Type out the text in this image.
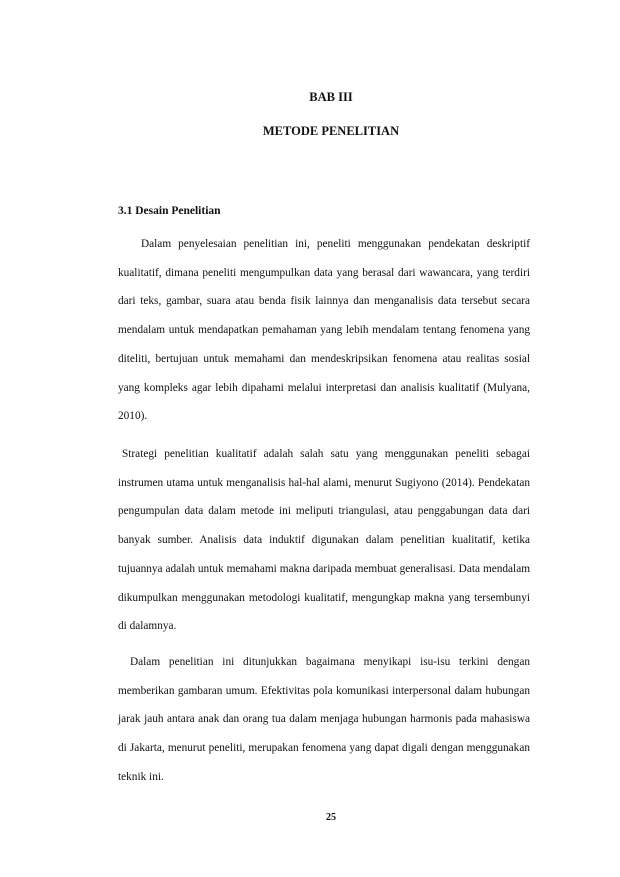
BAB III
METODE PENELITIAN
3.1 Desain Penelitian

Dalam penyelesaian penelitian ini, peneliti menggunakan pendekatan deskriptif kualitatif, dimana peneliti mengumpulkan data yang berasal dari wawancara, yang terdiri dari teks, gambar, suara atau benda fisik lainnya dan menganalisis data tersebut secara mendalam untuk mendapatkan pemahaman yang lebih mendalam tentang fenomena yang diteliti, bertujuan untuk memahami dan mendeskripsikan fenomena atau realitas sosial yang kompleks agar lebih dipahami melalui interpretasi dan analisis kualitatif (Mulyana, 2010).

Strategi penelitian kualitatif adalah salah satu yang menggunakan peneliti sebagai instrumen utama untuk menganalisis hal-hal alami, menurut Sugiyono (2014). Pendekatan pengumpulan data dalam metode ini meliputi triangulasi, atau penggabungan data dari banyak sumber. Analisis data induktif digunakan dalam penelitian kualitatif, ketika tujuannya adalah untuk memahami makna daripada membuat generalisasi. Data mendalam dikumpulkan menggunakan metodologi kualitatif, mengungkap makna yang tersembunyi di dalamnya.

Dalam penelitian ini ditunjukkan bagaimana menyikapi isu-isu terkini dengan memberikan gambaran umum. Efektivitas pola komunikasi interpersonal dalam hubungan jarak jauh antara anak dan orang tua dalam menjaga hubungan harmonis pada mahasiswa di Jakarta, menurut peneliti, merupakan fenomena yang dapat digali dengan menggunakan teknik ini.

25
